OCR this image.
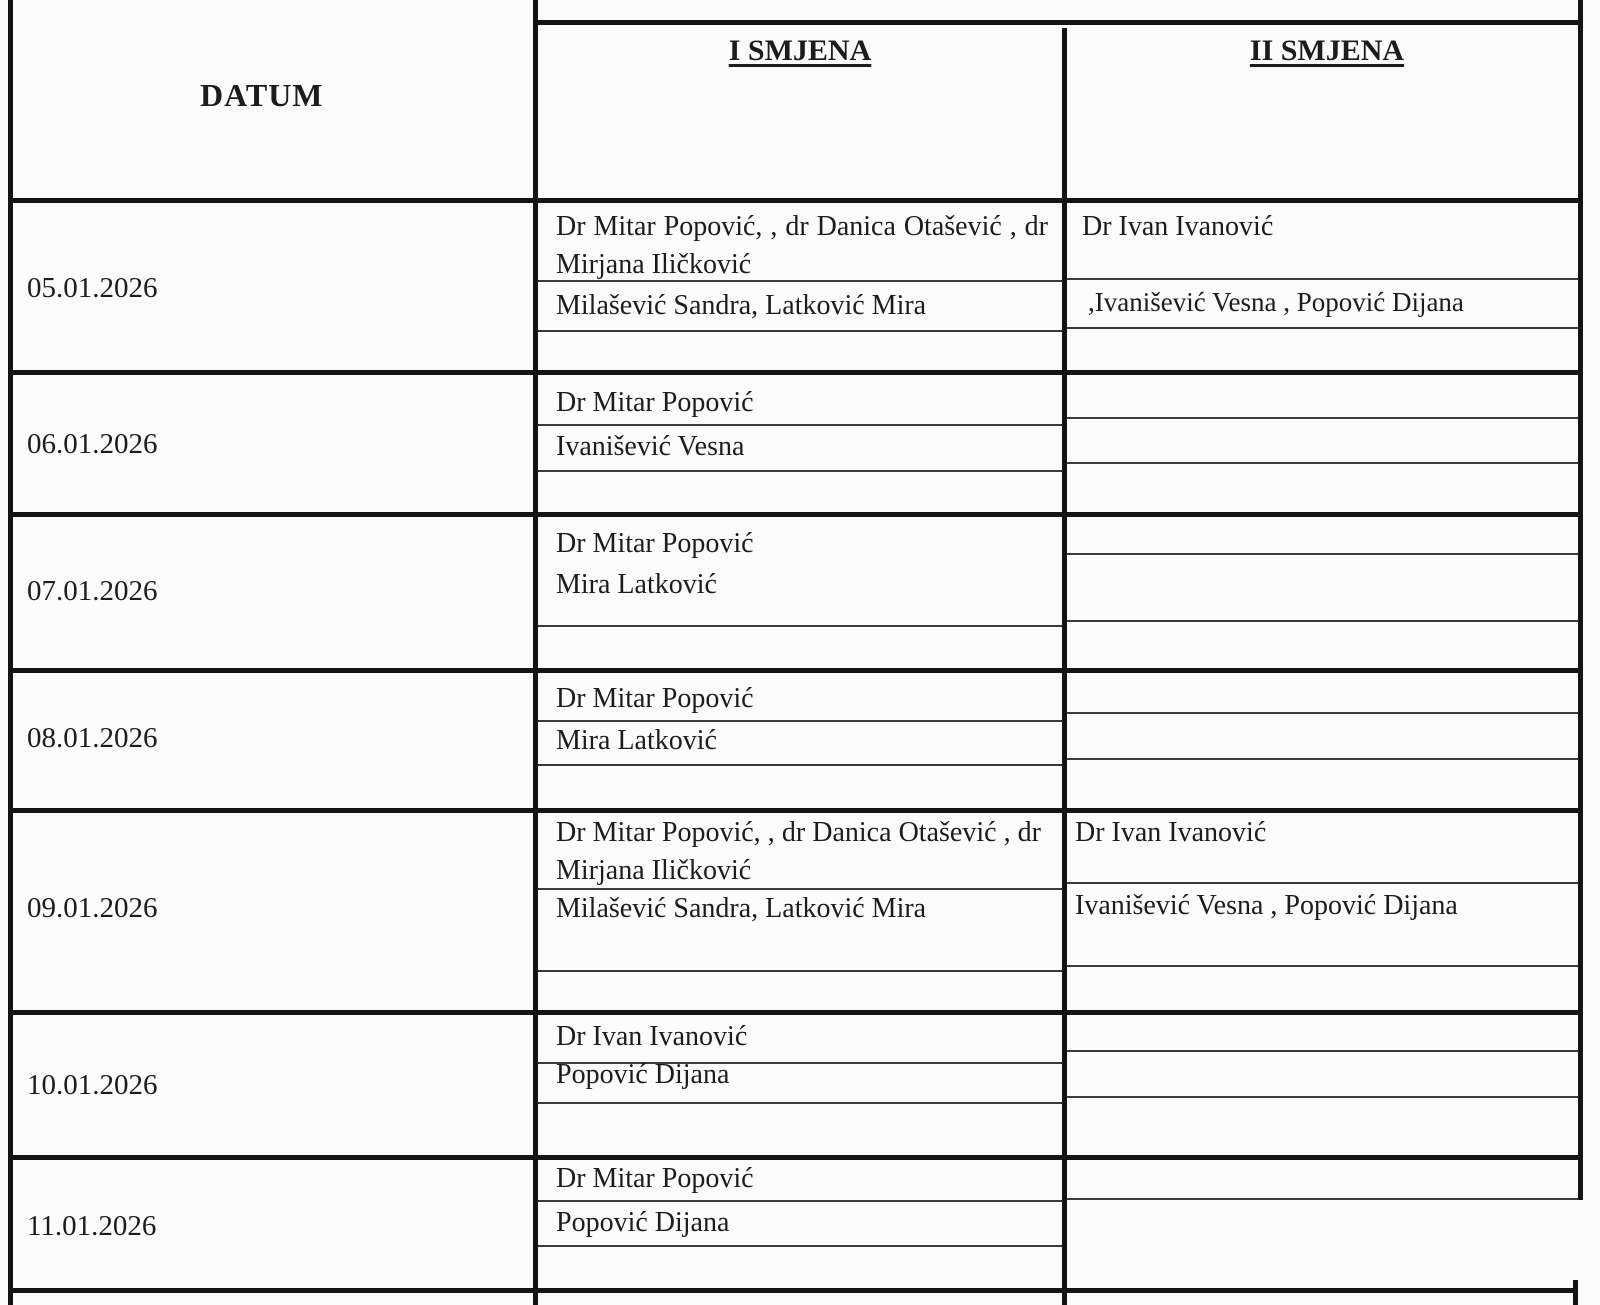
DATUM
I SMJENA	II SMJENA
05.01.2026
Dr Mitar Popović, , dr Danica Otašević , dr Mirjana Iličković
Milašević Sandra, Latković Mira
Dr Ivan Ivanović
,Ivanišević Vesna , Popović Dijana
06.01.2026
Dr Mitar Popović
Ivanišević Vesna
07.01.2026
Dr Mitar Popović
Mira Latković
08.01.2026
Dr Mitar Popović
Mira Latković
09.01.2026
Dr Mitar Popović, , dr Danica Otašević , dr Mirjana Iličković
Milašević Sandra, Latković Mira
Dr Ivan Ivanović
Ivanišević Vesna , Popović Dijana
10.01.2026
Dr Ivan Ivanović
Popović Dijana
11.01.2026
Dr Mitar Popović
Popović Dijana
